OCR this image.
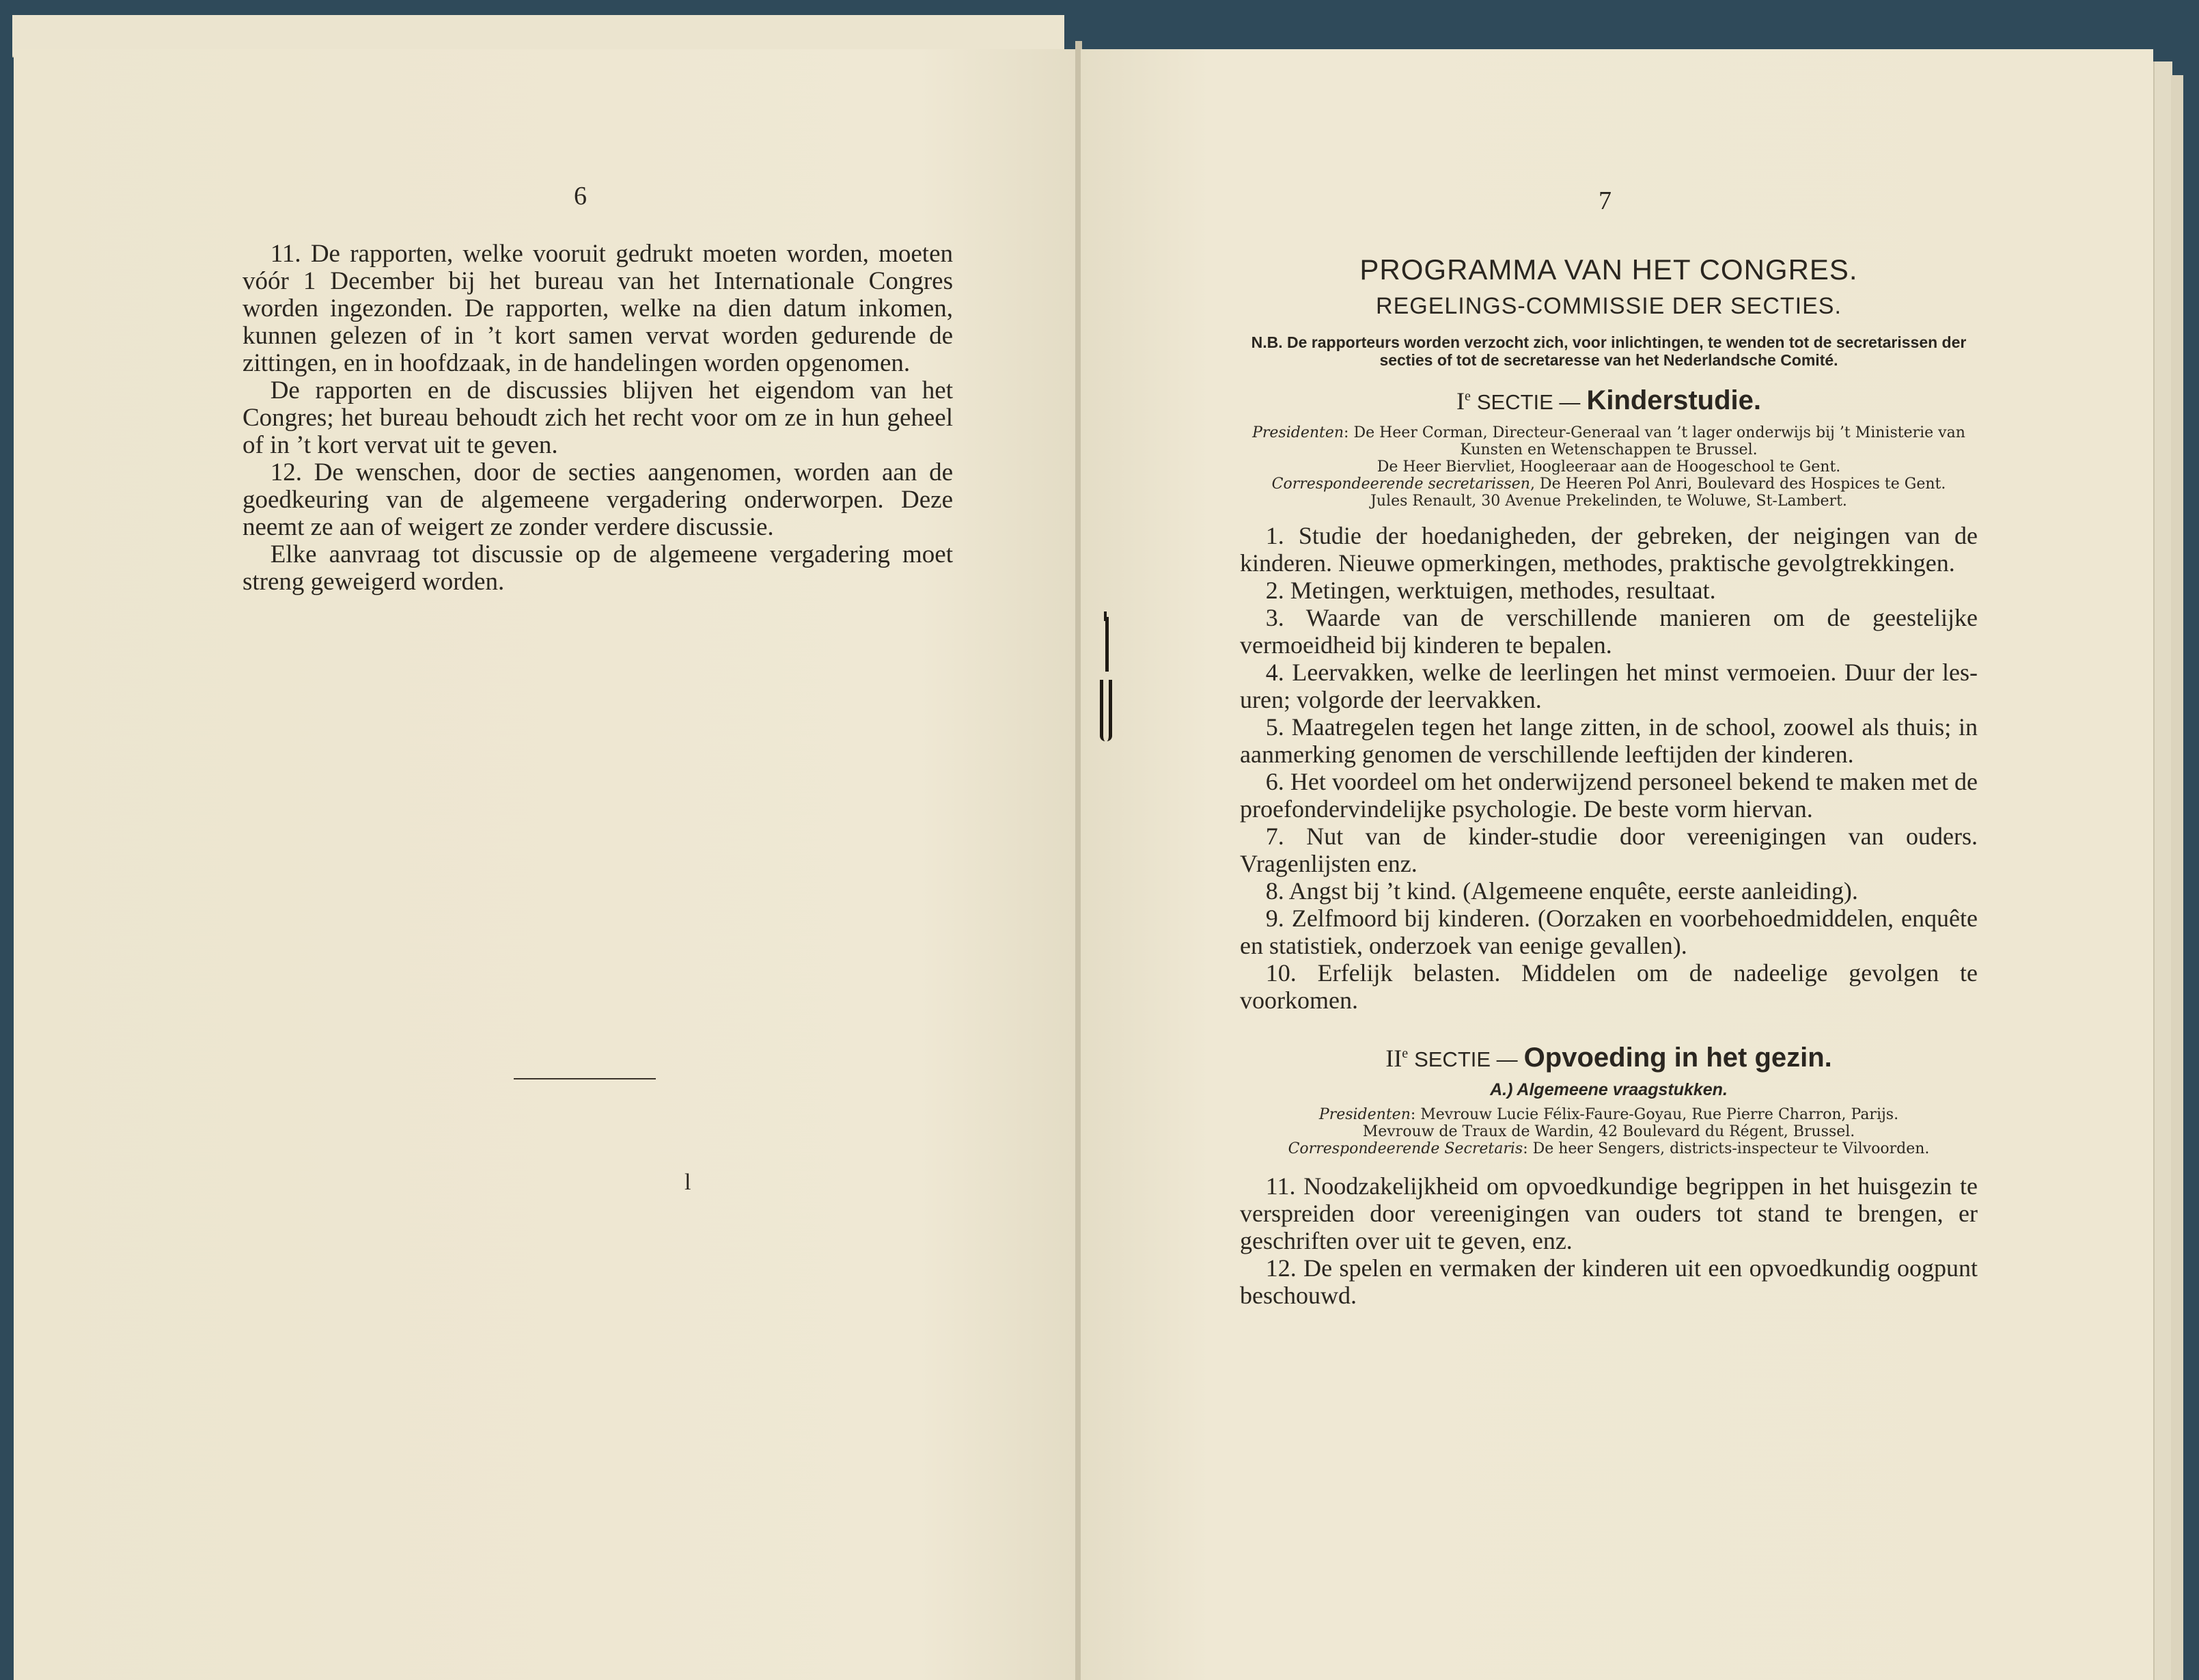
6

11. De rapporten, welke vooruit gedrukt moeten worden, moeten vóór 1 December bij het bureau van het Internationale Congres worden ingezonden. De rapporten, welke na dien datum inkomen, kunnen gelezen of in ’t kort samen vervat worden gedurende de zittingen, en in hoofdzaak, in de handelingen worden opgenomen.

De rapporten en de discussies blijven het eigendom van het Congres; het bureau behoudt zich het recht voor om ze in hun geheel of in ’t kort vervat uit te geven.

12. De wenschen, door de secties aangenomen, worden aan de goedkeuring van de algemeene vergadering onderworpen. Deze neemt ze aan of weigert ze zonder verdere discussie.

Elke aanvraag tot discussie op de algemeene vergadering moet streng geweigerd worden.

l
7

PROGRAMMA VAN HET CONGRES.

REGELINGS-COMMISSIE DER SECTIES.

N.B. De rapporteurs worden verzocht zich, voor inlichtingen, te wenden tot de secretarissen der secties of tot de secretaresse van het Nederlandsche Comité.

Ie SECTIE — Kinderstudie.

Presidenten: De Heer Corman, Directeur-Generaal van ’t lager onderwijs bij ’t Ministerie van Kunsten en Wetenschappen te Brussel.
De Heer Biervliet, Hoogleeraar aan de Hoogeschool te Gent.
Correspondeerende secretarissen, De Heeren Pol Anri, Boulevard des Hospices te Gent.
Jules Renault, 30 Avenue Prekelinden, te Woluwe, St-Lambert.

1. Studie der hoedanigheden, der gebreken, der neigingen van de kinderen. Nieuwe opmerkingen, methodes, praktische gevolgtrekkingen.

2. Metingen, werktuigen, methodes, resultaat.

3. Waarde van de verschillende manieren om de geestelijke vermoeidheid bij kinderen te bepalen.

4. Leervakken, welke de leerlingen het minst vermoeien. Duur der les-uren; volgorde der leervakken.

5. Maatregelen tegen het lange zitten, in de school, zoowel als thuis; in aanmerking genomen de verschillende leeftijden der kinderen.

6. Het voordeel om het onderwijzend personeel bekend te maken met de proefondervindelijke psychologie. De beste vorm hiervan.

7. Nut van de kinder-studie door vereenigingen van ouders. Vragenlijsten enz.

8. Angst bij ’t kind. (Algemeene enquête, eerste aanleiding).

9. Zelfmoord bij kinderen. (Oorzaken en voorbehoedmiddelen, enquête en statistiek, onderzoek van eenige gevallen).

10. Erfelijk belasten. Middelen om de nadeelige gevolgen te voorkomen.

IIe SECTIE — Opvoeding in het gezin.

A.) Algemeene vraagstukken.

Presidenten: Mevrouw Lucie Félix-Faure-Goyau, Rue Pierre Charron, Parijs.
Mevrouw de Traux de Wardin, 42 Boulevard du Régent, Brussel.
Correspondeerende Secretaris: De heer Sengers, districts-inspecteur te Vilvoorden.

11. Noodzakelijkheid om opvoedkundige begrippen in het huisgezin te verspreiden door vereenigingen van ouders tot stand te brengen, er geschriften over uit te geven, enz.

12. De spelen en vermaken der kinderen uit een opvoedkundig oogpunt beschouwd.
